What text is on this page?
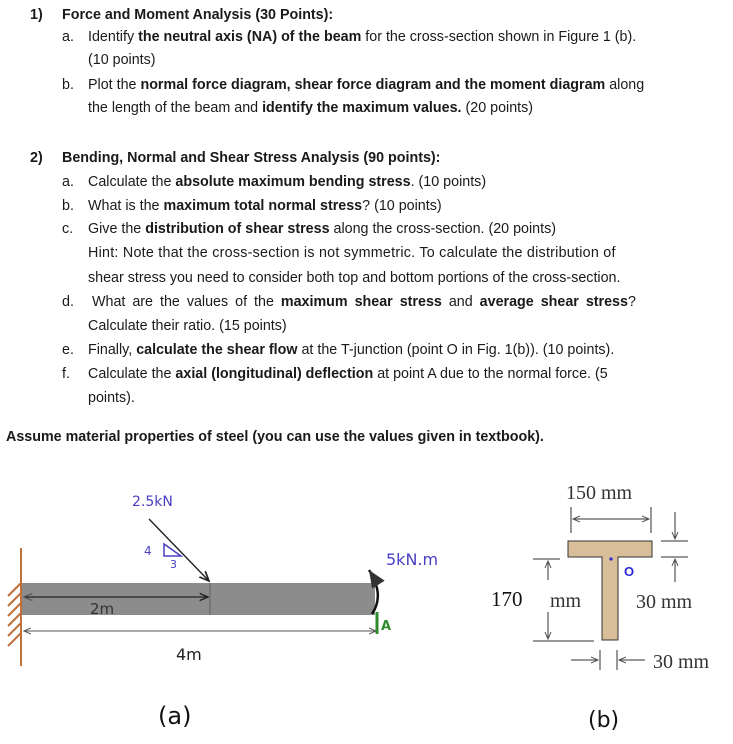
1) Force and Moment Analysis (30 Points):
a. Identify the neutral axis (NA) of the beam for the cross-section shown in Figure 1 (b).
(10 points)
b. Plot the normal force diagram, shear force diagram and the moment diagram along
the length of the beam and identify the maximum values. (20 points)
2) Bending, Normal and Shear Stress Analysis (90 points):
a. Calculate the absolute maximum bending stress. (10 points)
b. What is the maximum total normal stress? (10 points)
c. Give the distribution of shear stress along the cross-section. (20 points)
Hint: Note that the cross-section is not symmetric. To calculate the distribution of
shear stress you need to consider both top and bottom portions of the cross-section.
d. What are the values of the maximum shear stress and average shear stress?
Calculate their ratio. (15 points)
e. Finally, calculate the shear flow at the T-junction (point O in Fig. 1(b)). (10 points).
f. Calculate the axial (longitudinal) deflection at point A due to the normal force. (5
points).
Assume material properties of steel (you can use the values given in textbook).
2m
4m
2.5kN
4
3	5kN.m
A
(a)
O
150 mm
170 mm	30 mm
30 mm
(b)
